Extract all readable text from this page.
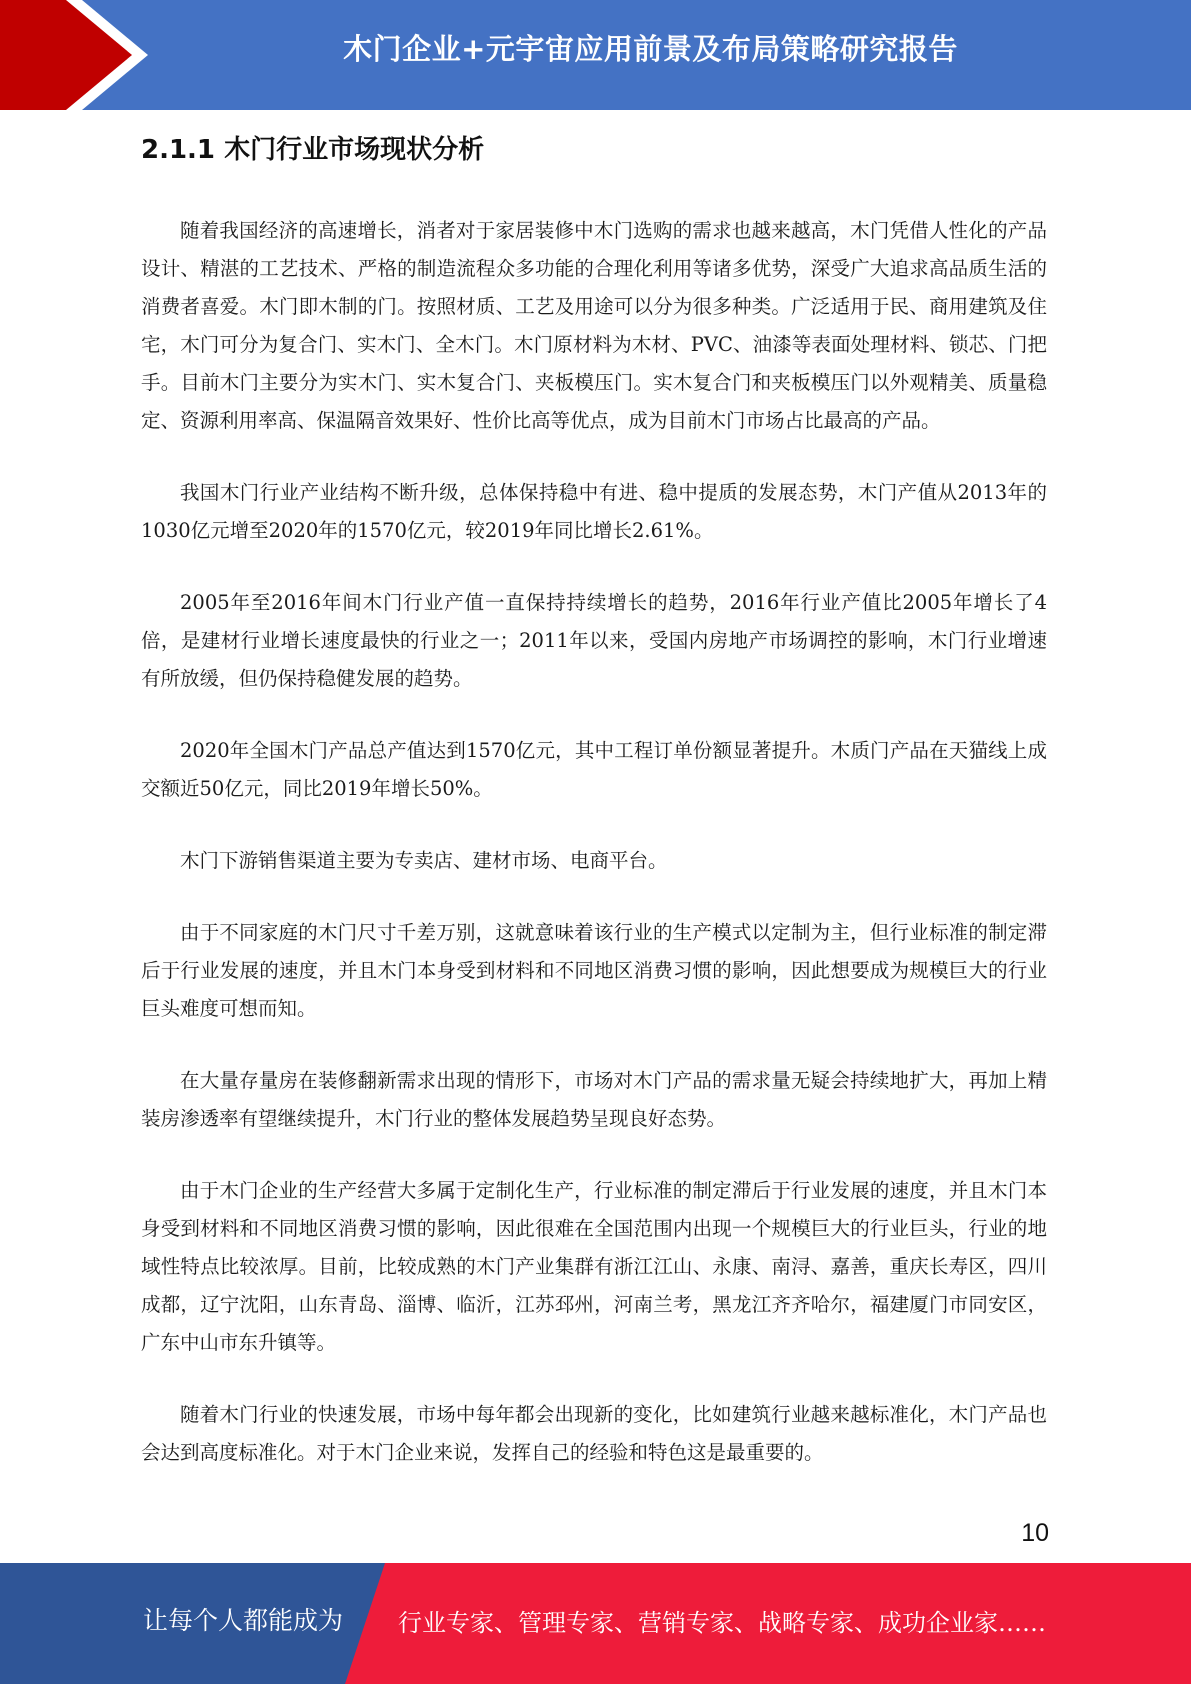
木门企业+元宇宙应用前景及布局策略研究报告
2.1.1 木门行业市场现状分析

随着我国经济的高速增长，消者对于家居装修中木门选购的需求也越来越高，木门凭借人性化的产品设计、精湛的工艺技术、严格的制造流程众多功能的合理化利用等诸多优势，深受广大追求高品质生活的消费者喜爱。木门即木制的门。按照材质、工艺及用途可以分为很多种类。广泛适用于民、商用建筑及住宅，木门可分为复合门、实木门、全木门。木门原材料为木材、PVC、油漆等表面处理材料、锁芯、门把手。目前木门主要分为实木门、实木复合门、夹板模压门。实木复合门和夹板模压门以外观精美、质量稳定、资源利用率高、保温隔音效果好、性价比高等优点，成为目前木门市场占比最高的产品。

我国木门行业产业结构不断升级，总体保持稳中有进、稳中提质的发展态势，木门产值从2013年的1030亿元增至2020年的1570亿元，较2019年同比增长2.61%。

2005年至2016年间木门行业产值一直保持持续增长的趋势，2016年行业产值比2005年增长了4倍，是建材行业增长速度最快的行业之一；2011年以来，受国内房地产市场调控的影响，木门行业增速有所放缓，但仍保持稳健发展的趋势。

2020年全国木门产品总产值达到1570亿元，其中工程订单份额显著提升。木质门产品在天猫线上成交额近50亿元，同比2019年增长50%。

木门下游销售渠道主要为专卖店、建材市场、电商平台。

由于不同家庭的木门尺寸千差万别，这就意味着该行业的生产模式以定制为主，但行业标准的制定滞后于行业发展的速度，并且木门本身受到材料和不同地区消费习惯的影响，因此想要成为规模巨大的行业巨头难度可想而知。

在大量存量房在装修翻新需求出现的情形下，市场对木门产品的需求量无疑会持续地扩大，再加上精装房渗透率有望继续提升，木门行业的整体发展趋势呈现良好态势。

由于木门企业的生产经营大多属于定制化生产，行业标准的制定滞后于行业发展的速度，并且木门本身受到材料和不同地区消费习惯的影响，因此很难在全国范围内出现一个规模巨大的行业巨头，行业的地域性特点比较浓厚。目前，比较成熟的木门产业集群有浙江江山、永康、南浔、嘉善，重庆长寿区，四川成都，辽宁沈阳，山东青岛、淄博、临沂，江苏邳州，河南兰考，黑龙江齐齐哈尔，福建厦门市同安区，广东中山市东升镇等。

随着木门行业的快速发展，市场中每年都会出现新的变化，比如建筑行业越来越标准化，木门产品也会达到高度标准化。对于木门企业来说，发挥自己的经验和特色这是最重要的。

10
让每个人都能成为 行业专家、管理专家、营销专家、战略专家、成功企业家……
